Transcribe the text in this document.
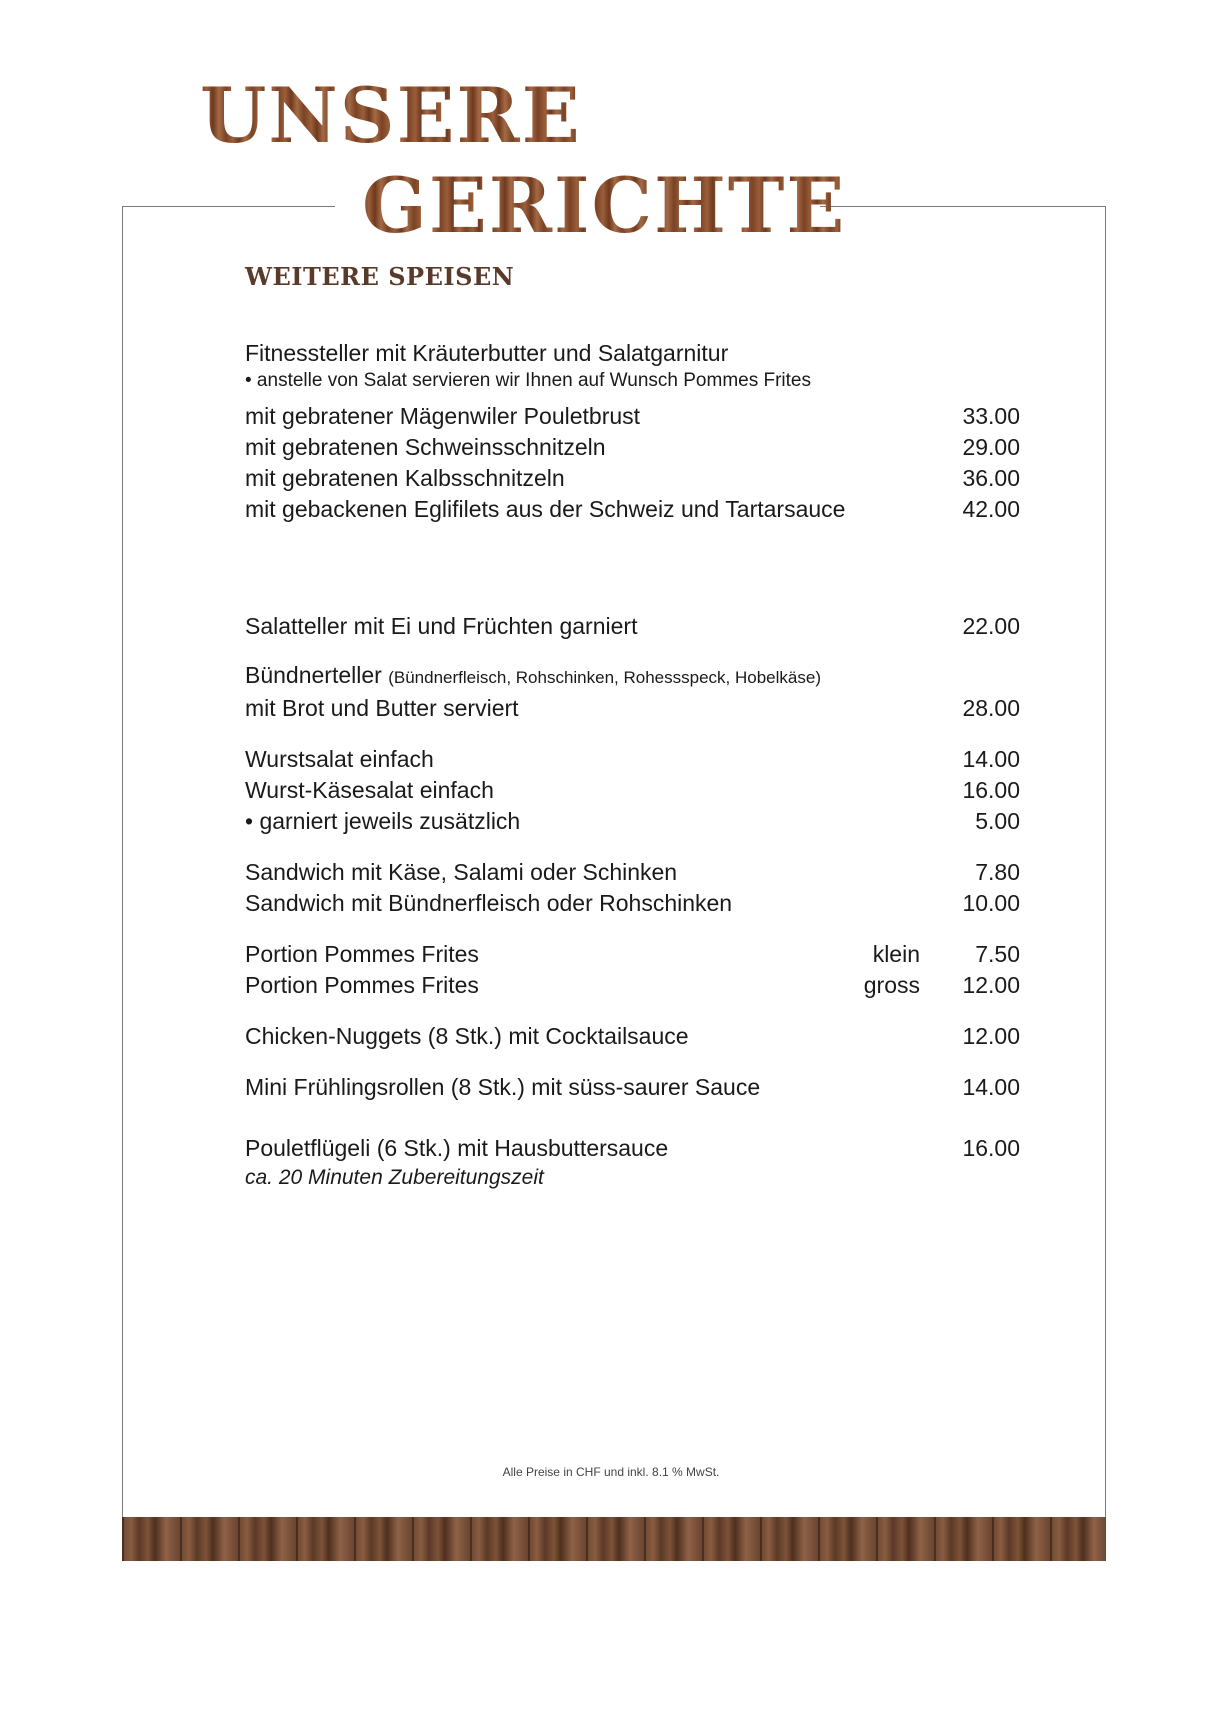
UNSERE
GERICHTE
WEITERE SPEISEN
Fitnessteller mit Kräuterbutter und Salatgarnitur
• anstelle von Salat servieren wir Ihnen auf Wunsch Pommes Frites
mit gebratener Mägenwiler Pouletbrust	33.00
mit gebratenen Schweinsschnitzeln	29.00
mit gebratenen Kalbsschnitzeln	36.00
mit gebackenen Eglifilets aus der Schweiz und Tartarsauce	42.00
Salatteller mit Ei und Früchten garniert	22.00
Bündnerteller (Bündnerfleisch, Rohschinken, Rohessspeck, Hobelkäse)
mit Brot und Butter serviert	28.00
Wurstsalat einfach	14.00
Wurst-Käsesalat einfach	16.00
• garniert jeweils zusätzlich	5.00
Sandwich mit Käse, Salami oder Schinken	7.80
Sandwich mit Bündnerfleisch oder Rohschinken	10.00
Portion Pommes Frites	klein	7.50
Portion Pommes Frites	gross	12.00
Chicken-Nuggets (8 Stk.) mit Cocktailsauce	12.00
Mini Frühlingsrollen (8 Stk.) mit süss-saurer Sauce	14.00
Pouletflügeli (6 Stk.) mit Hausbuttersauce	16.00
ca. 20 Minuten Zubereitungszeit
Alle Preise in CHF und inkl. 8.1 % MwSt.
